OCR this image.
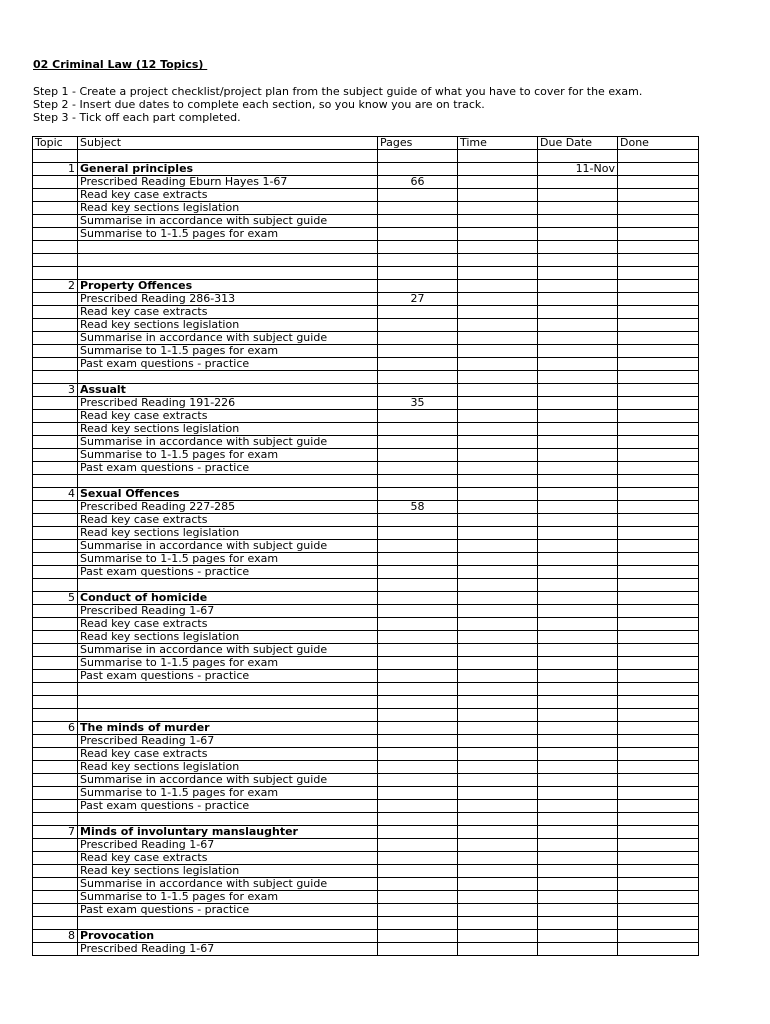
02 Criminal Law (12 Topics)
Step 1 - Create a project checklist/project plan from the subject guide of what you have to cover for the exam.
Step 2 - Insert due dates to complete each section, so you know you are on track.
Step 3 - Tick off each part completed.
Topic	Subject	Pages	Time	Due Date	Done

1	General principles			11-Nov	
	Prescribed Reading Eburn Hayes 1-67	66			
	Read key case extracts				
	Read key sections legislation				
	Summarise in accordance with subject guide				
	Summarise to 1-1.5 pages for exam				

2	Property Offences				
	Prescribed Reading 286-313	27			
	Read key case extracts				
	Read key sections legislation				
	Summarise in accordance with subject guide				
	Summarise to 1-1.5 pages for exam				
	Past exam questions - practice				

3	Assualt				
	Prescribed Reading 191-226	35			
	Read key case extracts				
	Read key sections legislation				
	Summarise in accordance with subject guide				
	Summarise to 1-1.5 pages for exam				
	Past exam questions - practice				

4	Sexual Offences				
	Prescribed Reading 227-285	58			
	Read key case extracts				
	Read key sections legislation				
	Summarise in accordance with subject guide				
	Summarise to 1-1.5 pages for exam				
	Past exam questions - practice				

5	Conduct of homicide				
	Prescribed Reading 1-67				
	Read key case extracts				
	Read key sections legislation				
	Summarise in accordance with subject guide				
	Summarise to 1-1.5 pages for exam				
	Past exam questions - practice				

6	The minds of murder				
	Prescribed Reading 1-67				
	Read key case extracts				
	Read key sections legislation				
	Summarise in accordance with subject guide				
	Summarise to 1-1.5 pages for exam				
	Past exam questions - practice				

7	Minds of involuntary manslaughter				
	Prescribed Reading 1-67				
	Read key case extracts				
	Read key sections legislation				
	Summarise in accordance with subject guide				
	Summarise to 1-1.5 pages for exam				
	Past exam questions - practice				

8	Provocation				
	Prescribed Reading 1-67				
